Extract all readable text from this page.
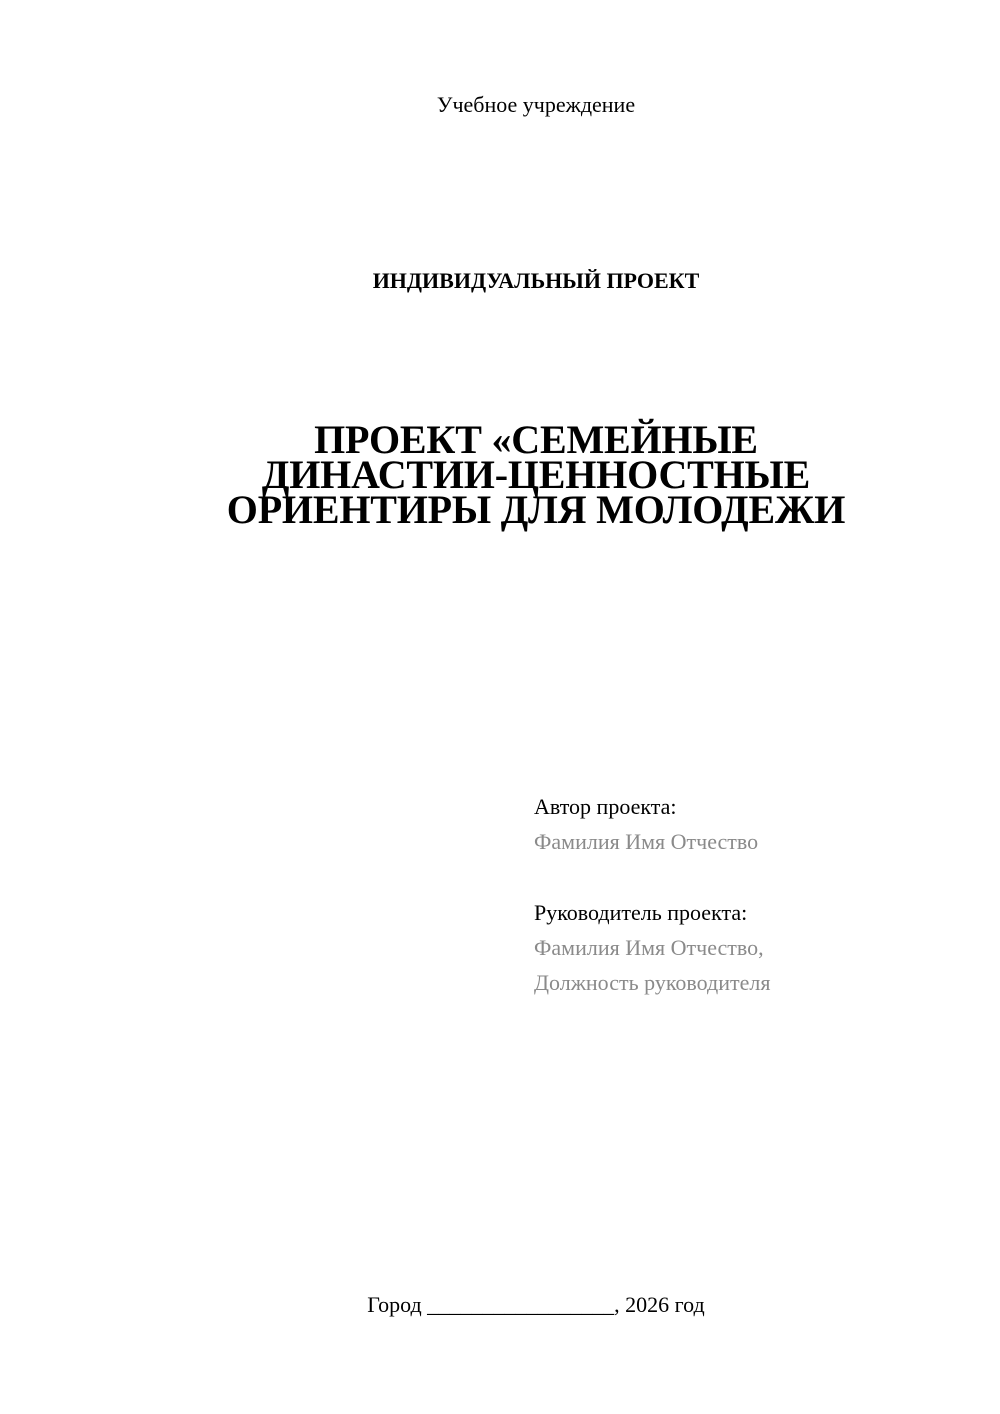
Учебное учреждение
ИНДИВИДУАЛЬНЫЙ ПРОЕКТ
ПРОЕКТ «СЕМЕЙНЫЕ
ДИНАСТИИ-ЦЕННОСТНЫЕ
ОРИЕНТИРЫ ДЛЯ МОЛОДЕЖИ
Автор проекта:
Фамилия Имя Отчество
Руководитель проекта:
Фамилия Имя Отчество,
Должность руководителя
Город _________________, 2026 год
